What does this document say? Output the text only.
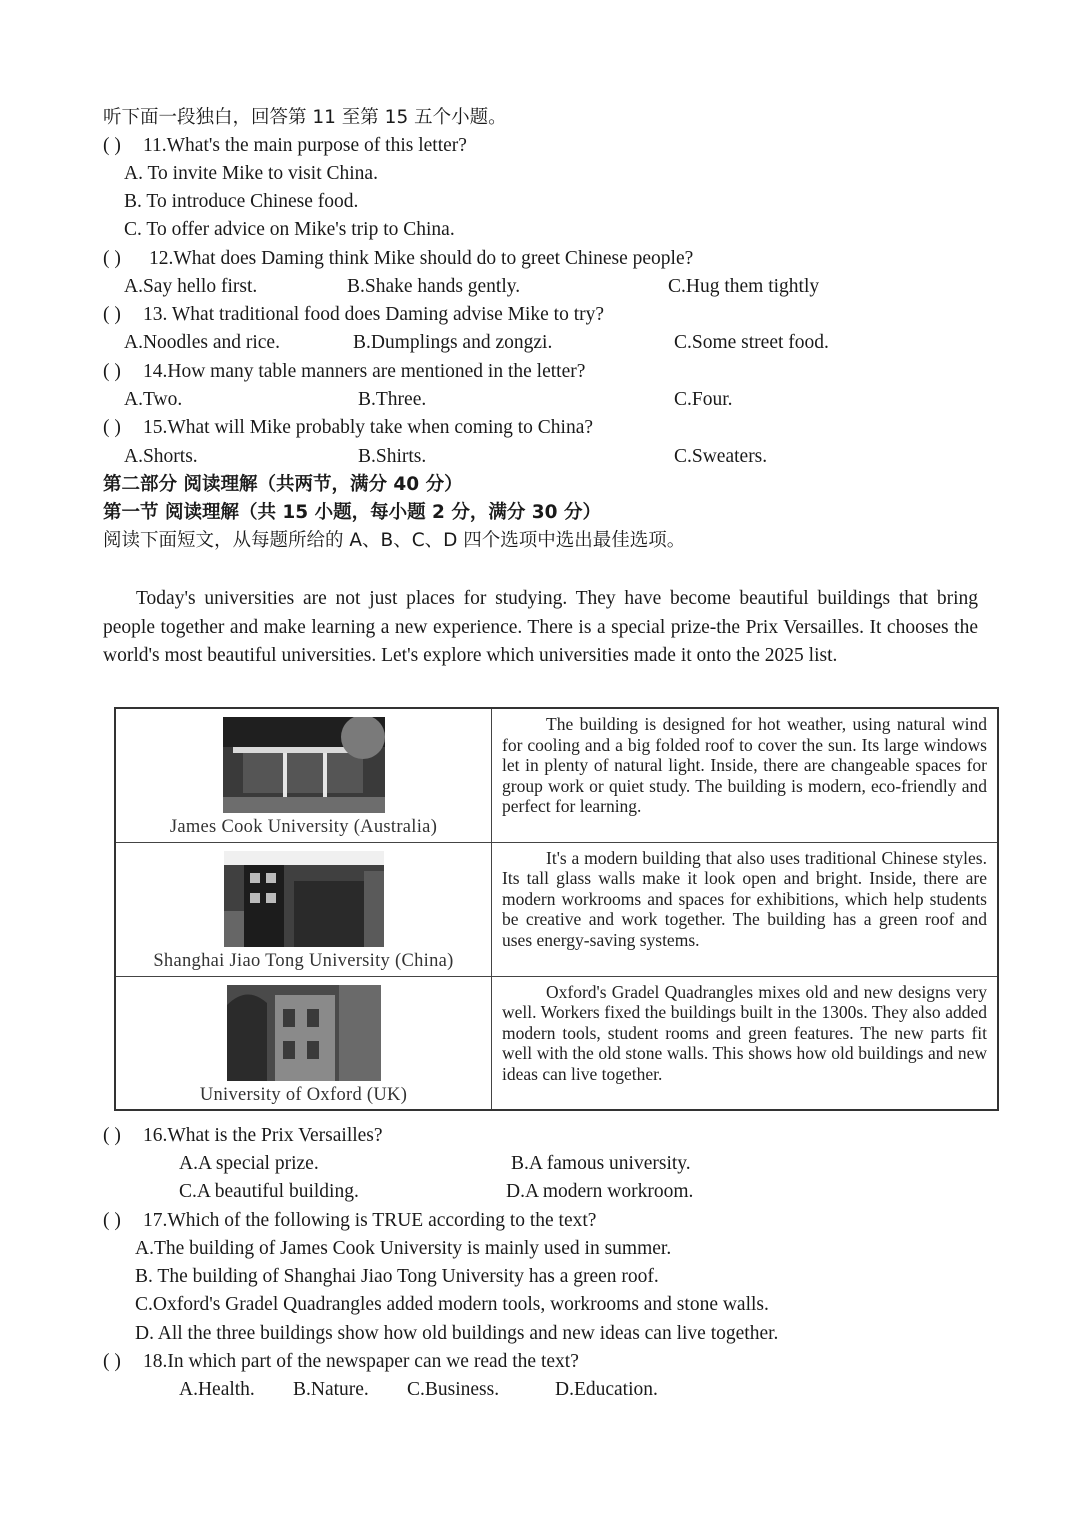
听下面一段独白，回答第 11 至第 15 五个小题。
( ) 11.What's the main purpose of this letter?
A. To invite Mike to visit China.
B. To introduce Chinese food.
C. To offer advice on Mike's trip to China.
( ) 12.What does Daming think Mike should do to greet Chinese people?
A.Say hello first.	B.Shake hands gently.	C.Hug them tightly
( ) 13. What traditional food does Daming advise Mike to try?
A.Noodles and rice.	B.Dumplings and zongzi.	C.Some street food.
( ) 14.How many table manners are mentioned in the letter?
A.Two.	B.Three.	C.Four.
( ) 15.What will Mike probably take when coming to China?
A.Shorts.	B.Shirts.	C.Sweaters.
第二部分 阅读理解（共两节，满分 40 分）
第一节 阅读理解（共 15 小题，每小题 2 分，满分 30 分）
阅读下面短文，从每题所给的 A、B、C、D 四个选项中选出最佳选项。
Today's universities are not just places for studying. They have become beautiful buildings that bring people together and make learning a new experience. There is a special prize-the Prix Versailles. It chooses the world's most beautiful universities. Let's explore which universities made it onto the 2025 list.
James Cook University (Australia)	The building is designed for hot weather, using natural wind for cooling and a big folded roof to cover the sun. Its large windows let in plenty of natural light. Inside, there are changeable spaces for group work or quiet study. The building is modern, eco-friendly and perfect for learning.

Shanghai Jiao Tong University (China)	It's a modern building that also uses traditional Chinese styles. Its tall glass walls make it look open and bright. Inside, there are modern workrooms and spaces for exhibitions, which help students be creative and work together. The building has a green roof and uses energy-saving systems.

University of Oxford (UK)	Oxford's Gradel Quadrangles mixes old and new designs very well. Workers fixed the buildings built in the 1300s. They also added modern tools, student rooms and green features. The new parts fit well with the old stone walls. This shows how old buildings and new ideas can live together.
( ) 16.What is the Prix Versailles?
A.A special prize.	B.A famous university.
C.A beautiful building.	D.A modern workroom.
( ) 17.Which of the following is TRUE according to the text?
A.The building of James Cook University is mainly used in summer.
B. The building of Shanghai Jiao Tong University has a green roof.
C.Oxford's Gradel Quadrangles added modern tools, workrooms and stone walls.
D. All the three buildings show how old buildings and new ideas can live together.
( ) 18.In which part of the newspaper can we read the text?
A.Health. B.Nature. C.Business.	D.Education.
